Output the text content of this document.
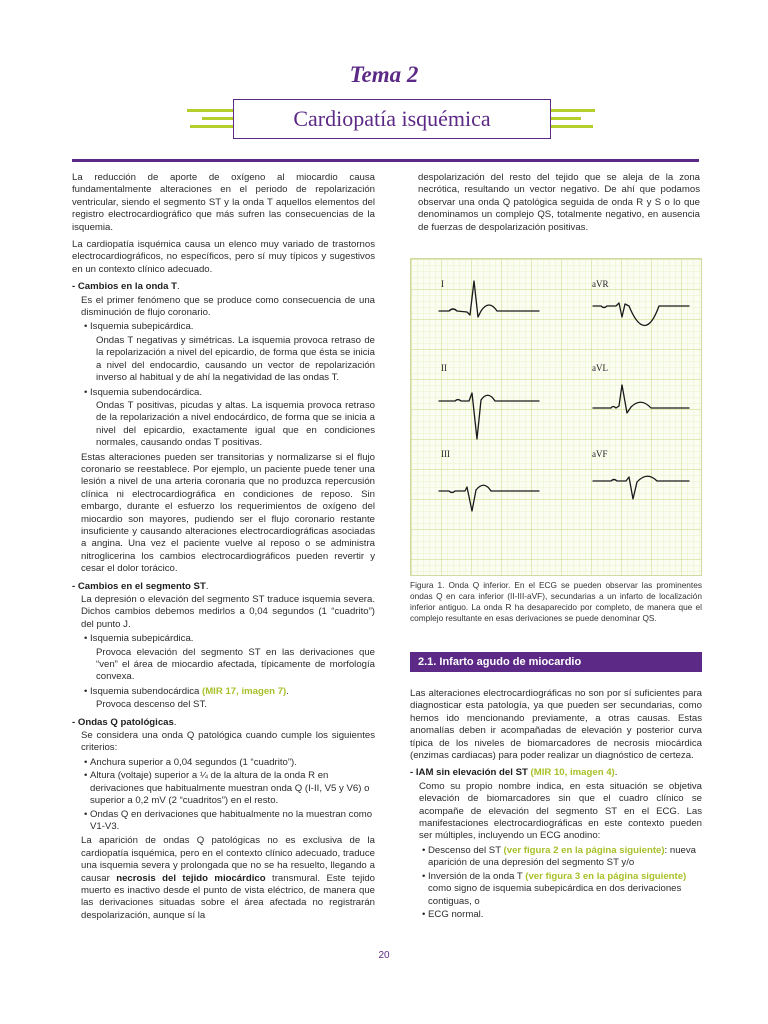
Tema 2
Cardiopatía isquémica

La reducción de aporte de oxígeno al miocardio causa fundamentalmente alteraciones en el periodo de repolarización ventricular, siendo el segmento ST y la onda T aquellos elementos del registro electrocardiográfico que más sufren las consecuencias de la isquemia.

La cardiopatía isquémica causa un elenco muy variado de trastornos electrocardiográficos, no específicos, pero sí muy típicos y sugestivos en un contexto clínico adecuado.

- Cambios en la onda T.

Es el primer fenómeno que se produce como consecuencia de una disminución de flujo coronario.

• Isquemia subepicárdica.

Ondas T negativas y simétricas. La isquemia provoca retraso de la repolarización a nivel del epicardio, de forma que ésta se inicia a nivel del endocardio, causando un vector de repolarización inverso al habitual y de ahí la negatividad de las ondas T.

• Isquemia subendocárdica.

Ondas T positivas, picudas y altas. La isquemia provoca retraso de la repolarización a nivel endocárdico, de forma que se inicia a nivel del epicardio, exactamente igual que en condiciones normales, causando ondas T positivas.

Estas alteraciones pueden ser transitorias y normalizarse si el flujo coronario se reestablece. Por ejemplo, un paciente puede tener una lesión a nivel de una arteria coronaria que no produzca repercusión clínica ni electrocardiográfica en condiciones de reposo. Sin embargo, durante el esfuerzo los requerimientos de oxígeno del miocardio son mayores, pudiendo ser el flujo coronario restante insuficiente y causando alteraciones electrocardiográficas asociadas a angina. Una vez el paciente vuelve al reposo o se administra nitroglicerina los cambios electrocardiográficos pueden revertir y cesar el dolor torácico.

- Cambios en el segmento ST.

La depresión o elevación del segmento ST traduce isquemia severa. Dichos cambios debemos medirlos a 0,04 segundos (1 “cuadrito”) del punto J.

• Isquemia subepicárdica.

Provoca elevación del segmento ST en las derivaciones que “ven” el área de miocardio afectada, típicamente de morfología convexa.

• Isquemia subendocárdica (MIR 17, imagen 7).

Provoca descenso del ST.

- Ondas Q patológicas.

Se considera una onda Q patológica cuando cumple los siguientes criterios:

• Anchura superior a 0,04 segundos (1 “cuadrito”).
• Altura (voltaje) superior a ¼ de la altura de la onda R en derivaciones que habitualmente muestran onda Q (I-II, V5 y V6) o superior a 0,2 mV (2 “cuadritos”) en el resto.
• Ondas Q en derivaciones que habitualmente no la muestran como V1-V3.

La aparición de ondas Q patológicas no es exclusiva de la cardiopatía isquémica, pero en el contexto clínico adecuado, traduce una isquemia severa y prolongada que no se ha resuelto, llegando a causar necrosis del tejido miocárdico transmural. Este tejido muerto es inactivo desde el punto de vista eléctrico, de manera que las derivaciones situadas sobre el área afectada no registrarán despolarización, aunque sí la

despolarización del resto del tejido que se aleja de la zona necrótica, resultando un vector negativo. De ahí que podamos observar una onda Q patológica seguida de onda R y S o lo que denominamos un complejo QS, totalmente negativo, en ausencia de fuerzas de despolarización positivas.

I	aVR
II	aVL
III	aVF
Figura 1. Onda Q inferior. En el ECG se pueden observar las prominentes ondas Q en cara inferior (II-III-aVF), secundarias a un infarto de localización inferior antiguo. La onda R ha desaparecido por completo, de manera que el complejo resultante en esas derivaciones se puede denominar QS.
2.1. Infarto agudo de miocardio

Las alteraciones electrocardiográficas no son por sí suficientes para diagnosticar esta patología, ya que pueden ser secundarias, como hemos ido mencionando previamente, a otras causas. Estas anomalías deben ir acompañadas de elevación y posterior curva típica de los niveles de biomarcadores de necrosis miocárdica (enzimas cardiacas) para poder realizar un diagnóstico de certeza.

- IAM sin elevación del ST (MIR 10, imagen 4).

Como su propio nombre indica, en esta situación se objetiva elevación de biomarcadores sin que el cuadro clínico se acompañe de elevación del segmento ST en el ECG. Las manifestaciones electrocardiográficas en este contexto pueden ser múltiples, incluyendo un ECG anodino:

• Descenso del ST (ver figura 2 en la página siguiente): nueva aparición de una depresión del segmento ST y/o
• Inversión de la onda T (ver figura 3 en la página siguiente) como signo de isquemia subepicárdica en dos derivaciones contiguas, o
• ECG normal.
20
